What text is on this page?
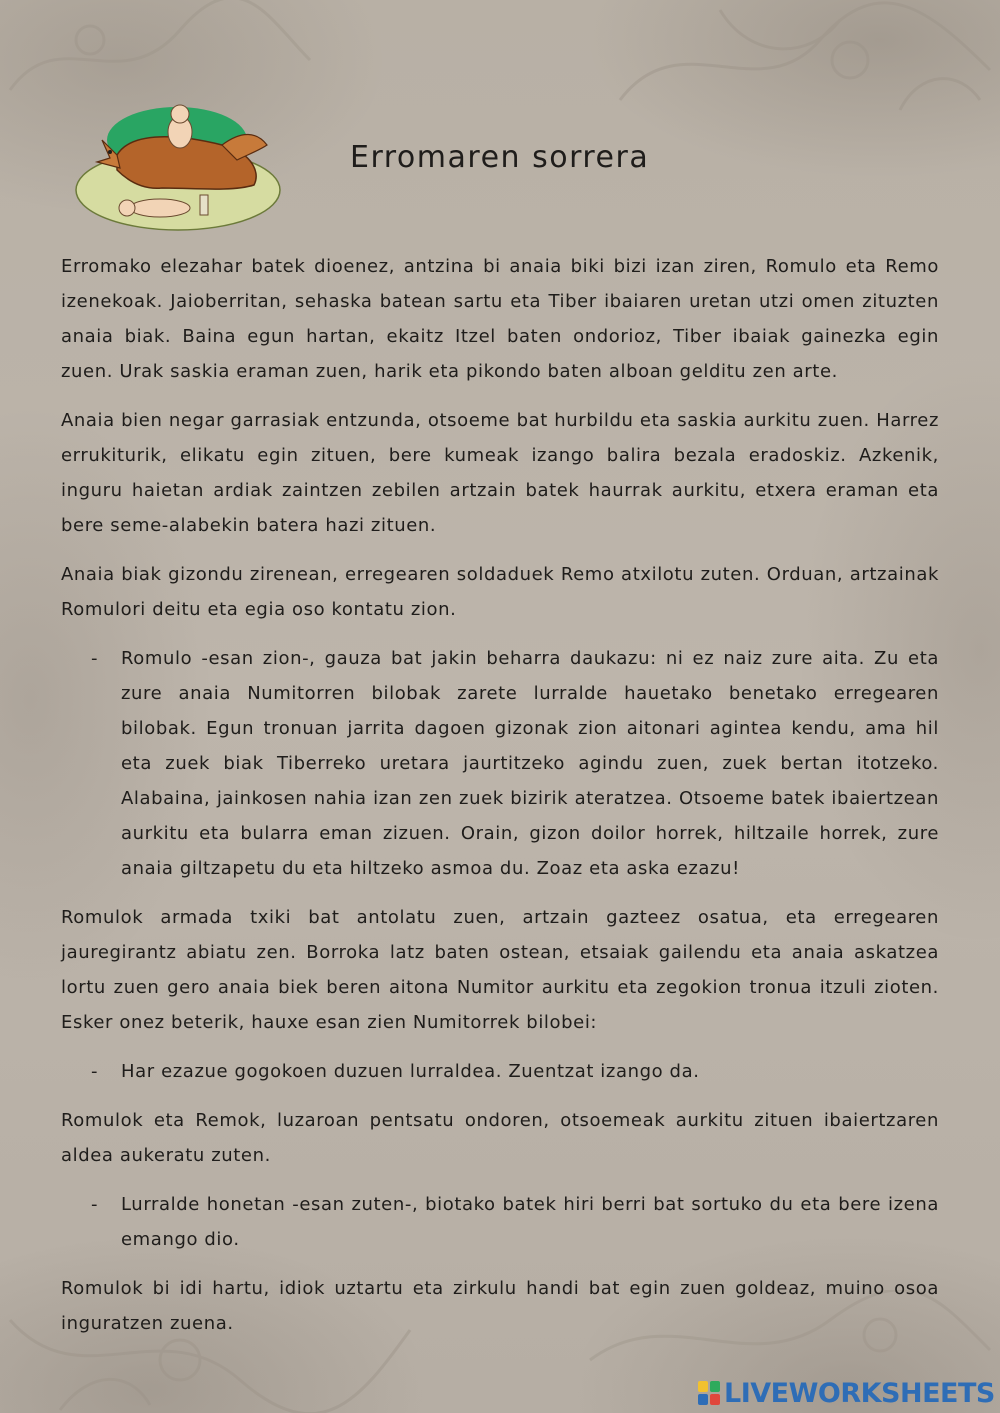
Erromaren sorrera

Erromako elezahar batek dioenez, antzina bi anaia biki bizi izan ziren, Romulo eta Remo izenekoak. Jaioberritan, sehaska batean sartu eta Tiber ibaiaren uretan utzi omen zituzten anaia biak. Baina egun hartan, ekaitz Itzel baten ondorioz, Tiber ibaiak gainezka egin zuen. Urak saskia eraman zuen, harik eta pikondo baten alboan gelditu zen arte.

Anaia bien negar garrasiak entzunda, otsoeme bat hurbildu eta saskia aurkitu zuen. Harrez errukiturik, elikatu egin zituen, bere kumeak izango balira bezala eradoskiz. Azkenik, inguru haietan ardiak zaintzen zebilen artzain batek haurrak aurkitu, etxera eraman eta bere seme-alabekin batera hazi zituen.

Anaia biak gizondu zirenean, erregearen soldaduek Remo atxilotu zuten. Orduan, artzainak Romulori deitu eta egia oso kontatu zion.

- Romulo -esan zion-, gauza bat jakin beharra daukazu: ni ez naiz zure aita. Zu eta zure anaia Numitorren bilobak zarete lurralde hauetako benetako erregearen bilobak. Egun tronuan jarrita dagoen gizonak zion aitonari agintea kendu, ama hil eta zuek biak Tiberreko uretara jaurtitzeko agindu zuen, zuek bertan itotzeko. Alabaina, jainkosen nahia izan zen zuek bizirik ateratzea. Otsoeme batek ibaiertzean aurkitu eta bularra eman zizuen. Orain, gizon doilor horrek, hiltzaile horrek, zure anaia giltzapetu du eta hiltzeko asmoa du. Zoaz eta aska ezazu!

Romulok armada txiki bat antolatu zuen, artzain gazteez osatua, eta erregearen jauregirantz abiatu zen. Borroka latz baten ostean, etsaiak gailendu eta anaia askatzea lortu zuen gero anaia biek beren aitona Numitor aurkitu eta zegokion tronua itzuli zioten. Esker onez beterik, hauxe esan zien Numitorrek bilobei:

- Har ezazue gogokoen duzuen lurraldea. Zuentzat izango da.

Romulok eta Remok, luzaroan pentsatu ondoren, otsoemeak aurkitu zituen ibaiertzaren aldea aukeratu zuten.

- Lurralde honetan -esan zuten-, biotako batek hiri berri bat sortuko du eta bere izena emango dio.

Romulok bi idi hartu, idiok uztartu eta zirkulu handi bat egin zuen goldeaz, muino osoa inguratzen zuena.

LIVEWORKSHEETS
